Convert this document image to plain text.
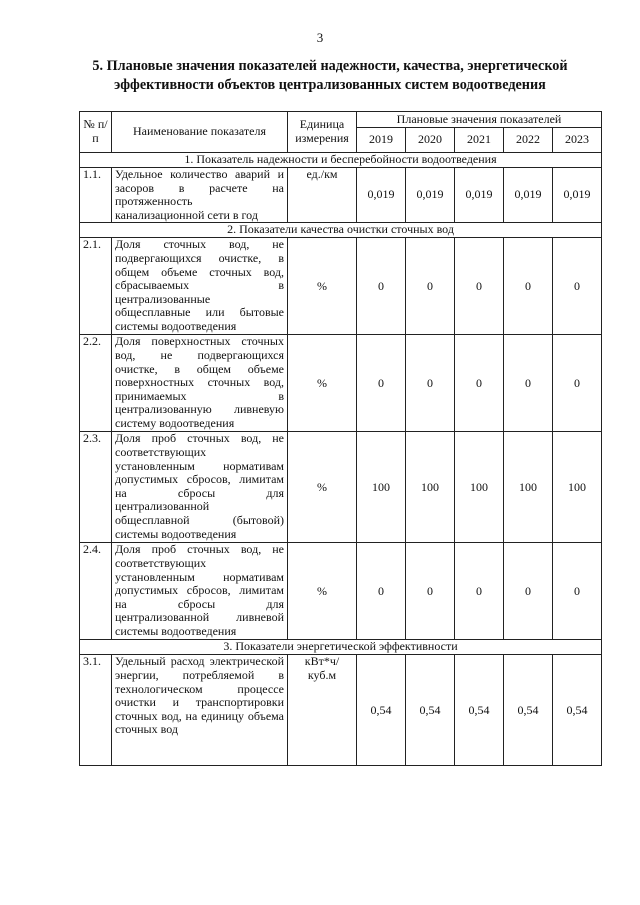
3
5. Плановые значения показателей надежности, качества, энергетической
эффективности объектов централизованных систем водоотведения
№ п/п	Наименование показателя	Единица измерения	Плановые значения показателей				
			2019	2020	2021	2022	2023
1. Показатель надежности и бесперебойности водоотведения							
1.1.	Удельное количество аварий и засоров в расчете на протяженность канализационной сети в год	ед./км	0,019	0,019	0,019	0,019	0,019
2. Показатели качества очистки сточных вод							
2.1.	Доля сточных вод, не подвергающихся очистке, в общем объеме сточных вод, сбрасываемых в централизованные общесплавные или бытовые системы водоотведения	%	0	0	0	0	0
2.2.	Доля поверхностных сточных вод, не подвергающихся очистке, в общем объеме поверхностных сточных вод, принимаемых в централизованную ливневую систему водоотведения	%	0	0	0	0	0
2.3.	Доля проб сточных вод, не соответствующих установленным нормативам допустимых сбросов, лимитам на сбросы для централизованной общесплавной (бытовой) системы водоотведения	%	100	100	100	100	100
2.4.	Доля проб сточных вод, не соответствующих установленным нормативам допустимых сбросов, лимитам на сбросы для централизованной ливневой системы водоотведения	%	0	0	0	0	0
3. Показатели энергетической эффективности							
3.1.	Удельный расход электрической энергии, потребляемой в технологическом процессе очистки и транспортировки сточных вод, на единицу объема сточных вод	кВт*ч/ куб.м	0,54	0,54	0,54	0,54	0,54
